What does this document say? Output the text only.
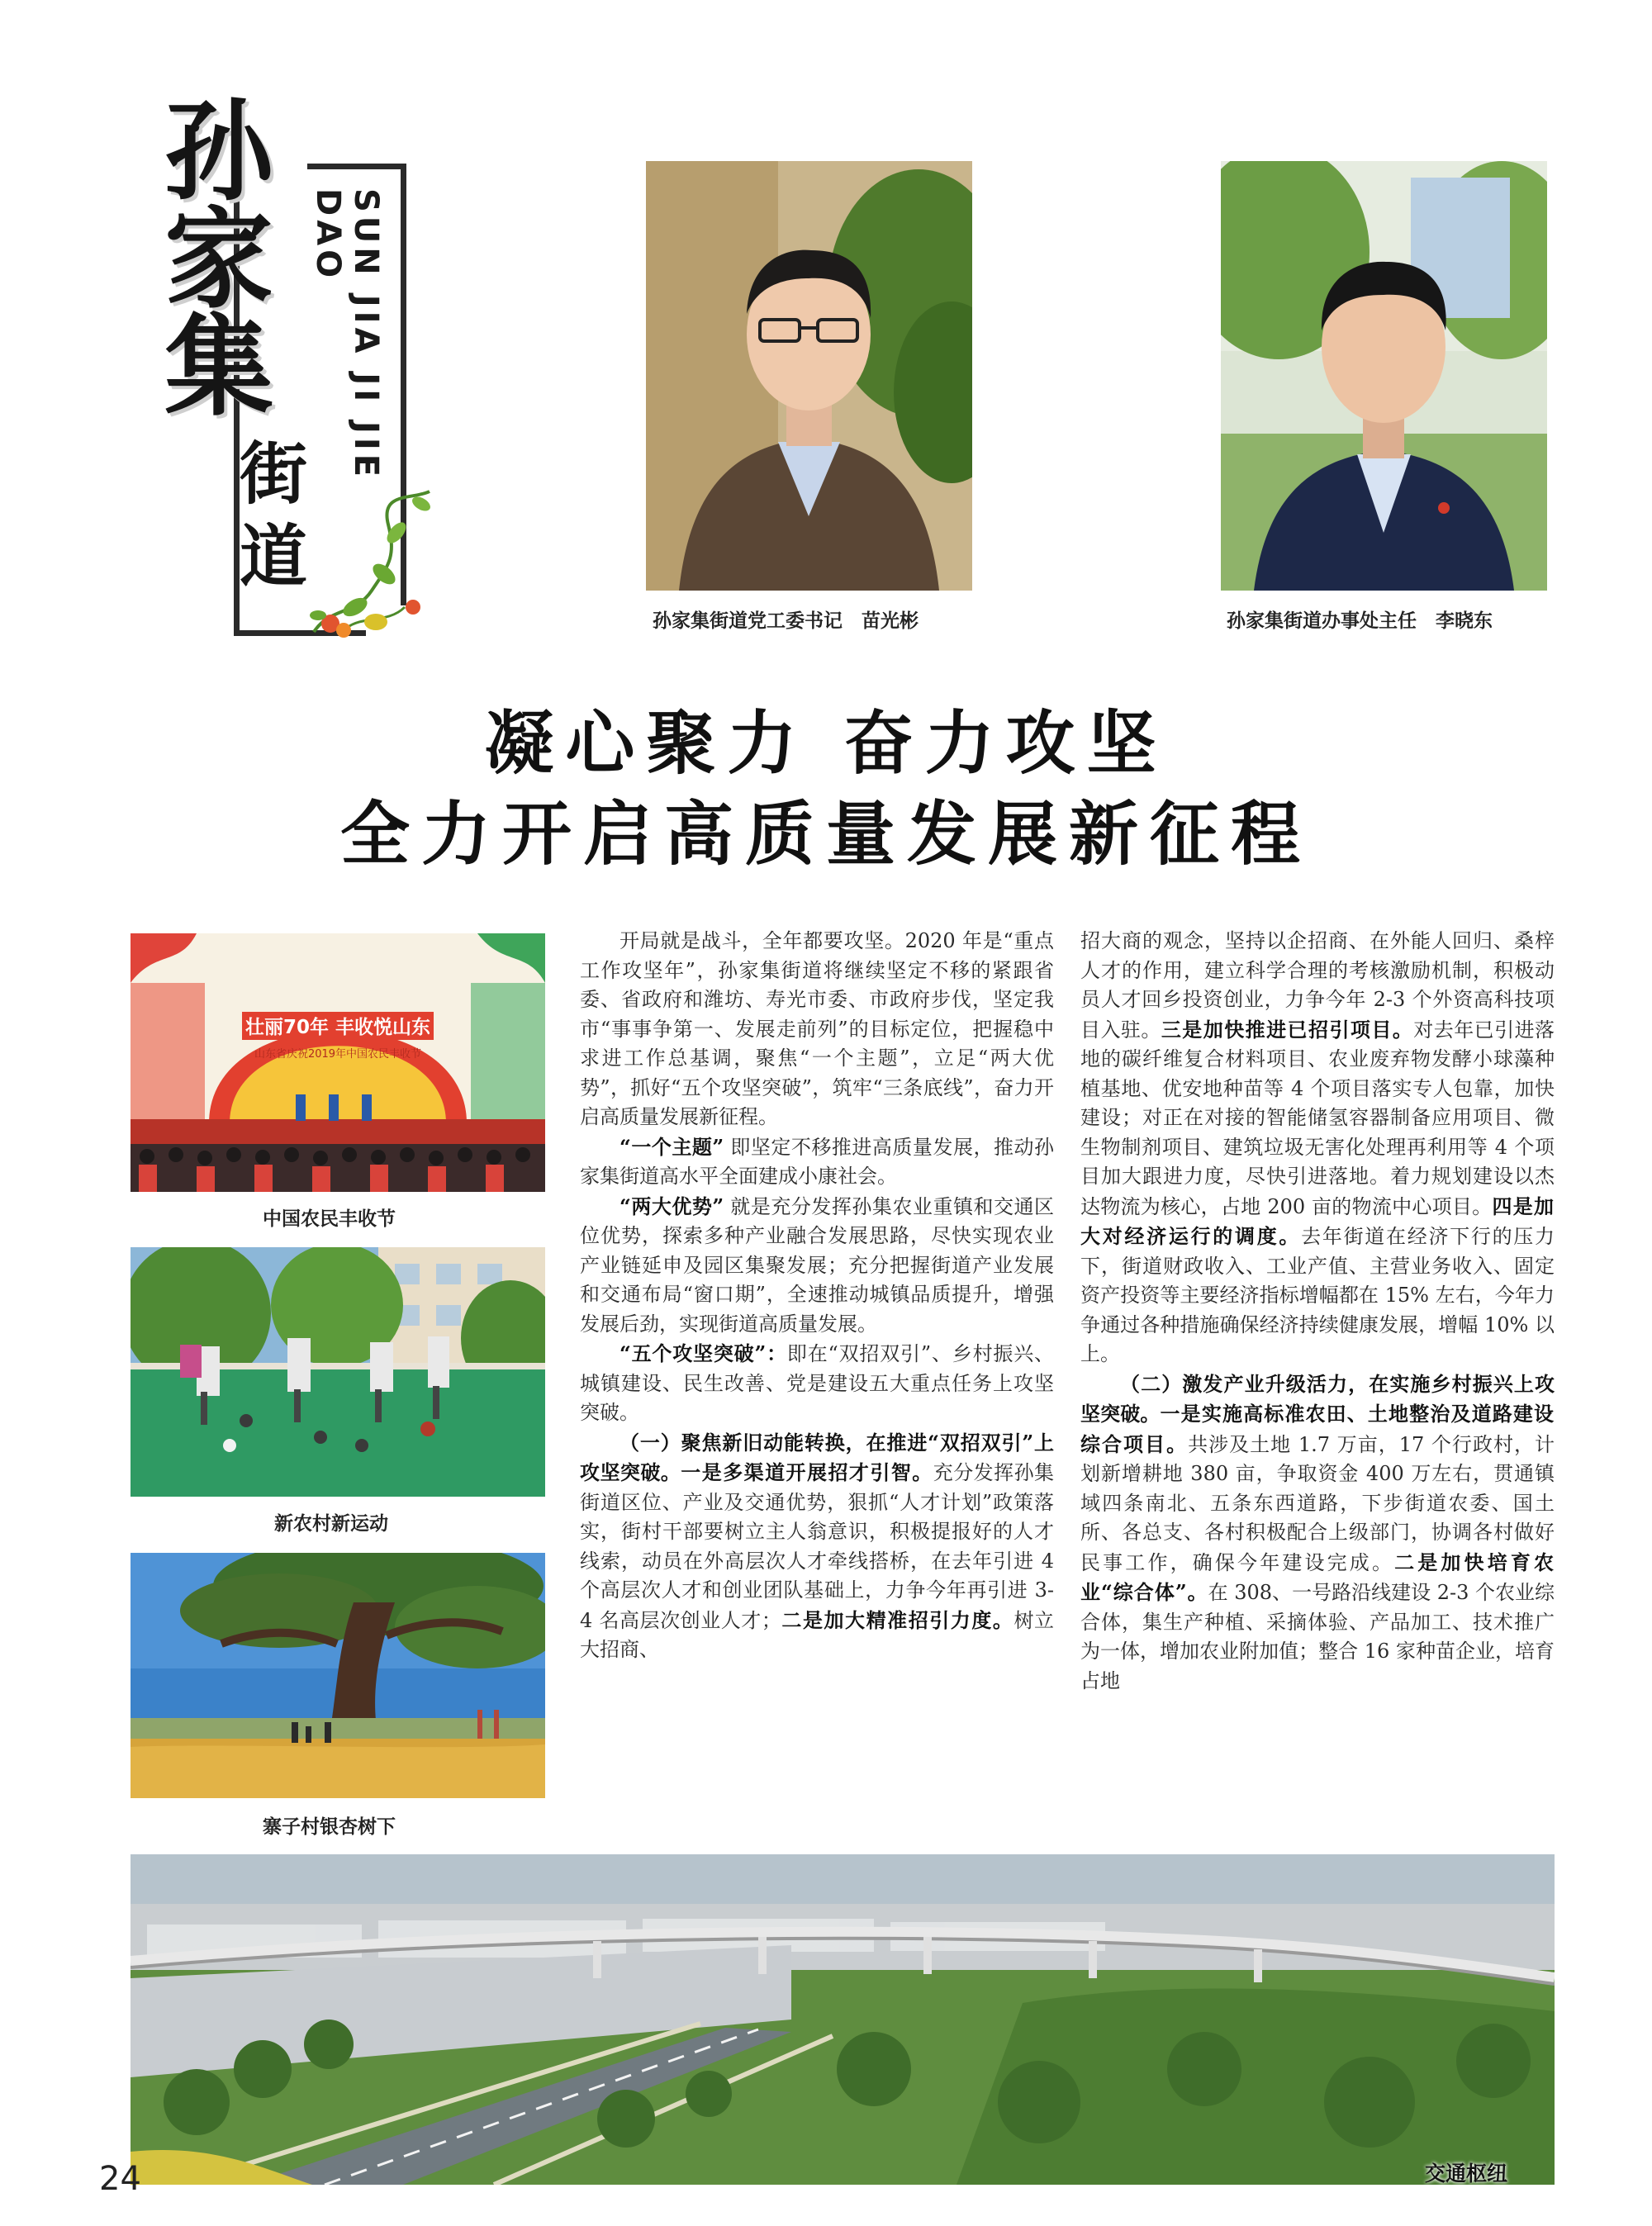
孙
家
集
街
道
SUN JIA JI JIE DAO
孙家集街道党工委书记　苗光彬	孙家集街道办事处主任　李晓东
凝心聚力 奋力攻坚
全力开启高质量发展新征程
壮丽70年 丰收悦山东
山东省庆祝2019年中国农民丰收节
中国农民丰收节
新农村新运动
寨子村银杏树下

开局就是战斗，全年都要攻坚。2020 年是“重点工作攻坚年”，孙家集街道将继续坚定不移的紧跟省委、省政府和潍坊、寿光市委、市政府步伐，坚定我市“事事争第一、发展走前列”的目标定位，把握稳中求进工作总基调，聚焦“一个主题”，立足“两大优势”，抓好“五个攻坚突破”，筑牢“三条底线”，奋力开启高质量发展新征程。

“一个主题” 即坚定不移推进高质量发展，推动孙家集街道高水平全面建成小康社会。

“两大优势” 就是充分发挥孙集农业重镇和交通区位优势，探索多种产业融合发展思路，尽快实现农业产业链延申及园区集聚发展；充分把握街道产业发展和交通布局“窗口期”，全速推动城镇品质提升，增强发展后劲，实现街道高质量发展。

“五个攻坚突破”：即在“双招双引”、乡村振兴、城镇建设、民生改善、党是建设五大重点任务上攻坚突破。

（一）聚焦新旧动能转换，在推进“双招双引”上攻坚突破。一是多渠道开展招才引智。充分发挥孙集街道区位、产业及交通优势，狠抓“人才计划”政策落实，街村干部要树立主人翁意识，积极提报好的人才线索，动员在外高层次人才牵线搭桥，在去年引进 4 个高层次人才和创业团队基础上，力争今年再引进 3-4 名高层次创业人才；二是加大精准招引力度。树立大招商、

招大商的观念，坚持以企招商、在外能人回归、桑梓人才的作用，建立科学合理的考核激励机制，积极动员人才回乡投资创业，力争今年 2-3 个外资高科技项目入驻。三是加快推进已招引项目。对去年已引进落地的碳纤维复合材料项目、农业废弃物发酵小球藻种植基地、优安地种苗等 4 个项目落实专人包靠，加快建设；对正在对接的智能储氢容器制备应用项目、微生物制剂项目、建筑垃圾无害化处理再利用等 4 个项目加大跟进力度，尽快引进落地。着力规划建设以杰达物流为核心，占地 200 亩的物流中心项目。四是加大对经济运行的调度。去年街道在经济下行的压力下，街道财政收入、工业产值、主营业务收入、固定资产投资等主要经济指标增幅都在 15% 左右，今年力争通过各种措施确保经济持续健康发展，增幅 10% 以上。

（二）激发产业升级活力，在实施乡村振兴上攻坚突破。一是实施高标准农田、土地整治及道路建设综合项目。共涉及土地 1.7 万亩，17 个行政村，计划新增耕地 380 亩，争取资金 400 万左右，贯通镇域四条南北、五条东西道路，下步街道农委、国土所、各总支、各村积极配合上级部门，协调各村做好民事工作，确保今年建设完成。二是加快培育农业“综合体”。在 308、一号路沿线建设 2-3 个农业综合体，集生产种植、采摘体验、产品加工、技术推广为一体，增加农业附加值；整合 16 家种苗企业，培育占地

交通枢纽
24
